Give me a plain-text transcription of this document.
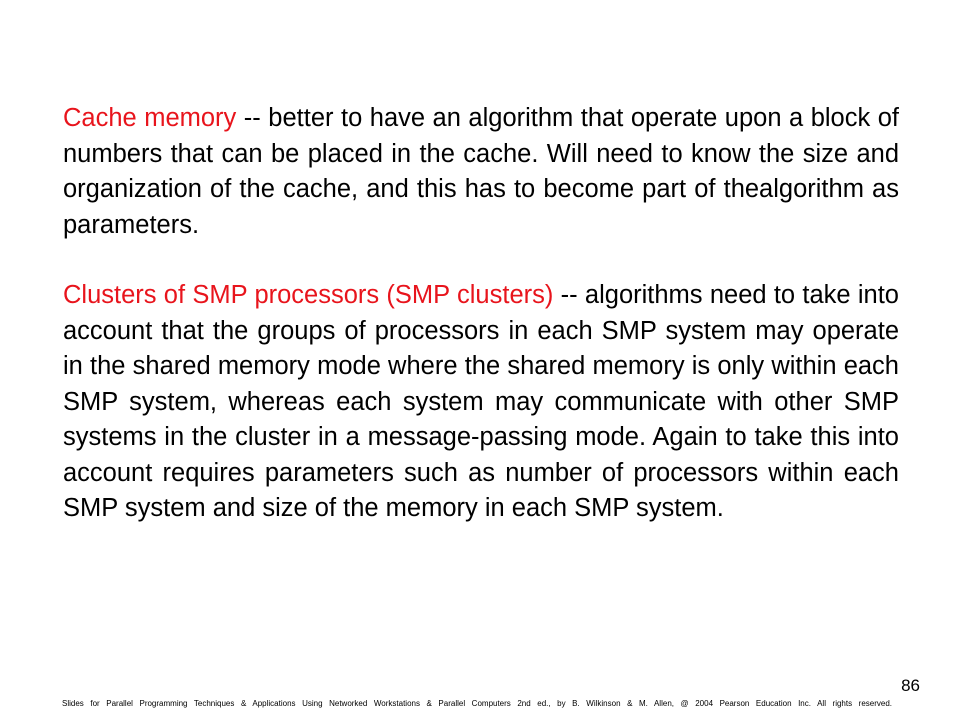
Cache memory -- better to have an algorithm that operate upon a block of numbers that can be placed in the cache. Will need to know the size and organization of the cache, and this has to become part of thealgorithm as parameters.

Clusters of SMP processors (SMP clusters) -- algorithms need to take into account that the groups of processors in each SMP system may operate in the shared memory mode where the shared memory is only within each SMP system, whereas each system may communicate with other SMP systems in the cluster in a message-passing mode. Again to take this into account requires parameters such as number of processors within each SMP system and size of the memory in each SMP system.

86
Slides for Parallel Programming Techniques & Applications Using Networked Workstations & Parallel Computers 2nd ed., by B. Wilkinson & M. Allen, @ 2004 Pearson Education Inc. All rights reserved.
